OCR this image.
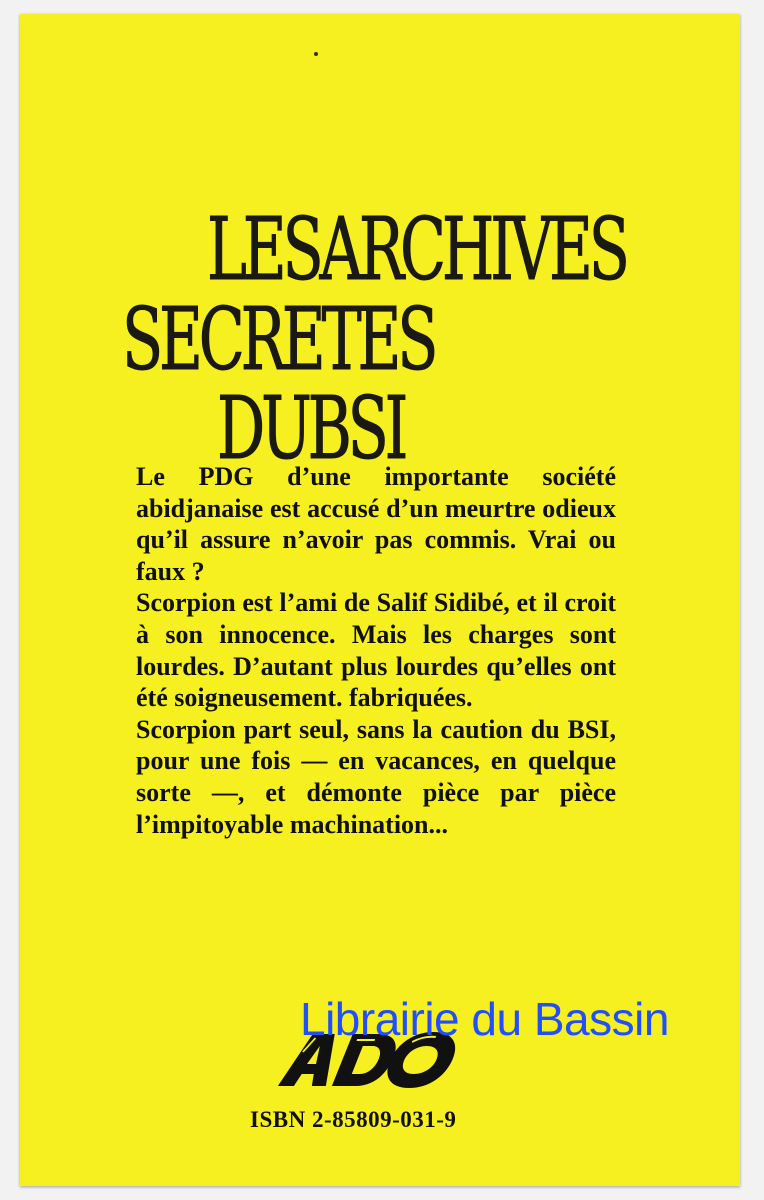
LESARCHIVES
SECRETES
DUBSI

Le PDG d’une importante société abidjanaise est accusé d’un meurtre odieux qu’il assure n’avoir pas commis. Vrai ou faux ?

Scorpion est l’ami de Salif Sidibé, et il croit à son innocence. Mais les charges sont lourdes. D’autant plus lourdes qu’elles ont été soigneusement. fabriquées.

Scorpion part seul, sans la caution du BSI, pour une fois — en vacances, en quelque sorte —, et démonte pièce par pièce l’impitoyable machination...

ISBN 2-85809-031-9
Librairie du Bassin
